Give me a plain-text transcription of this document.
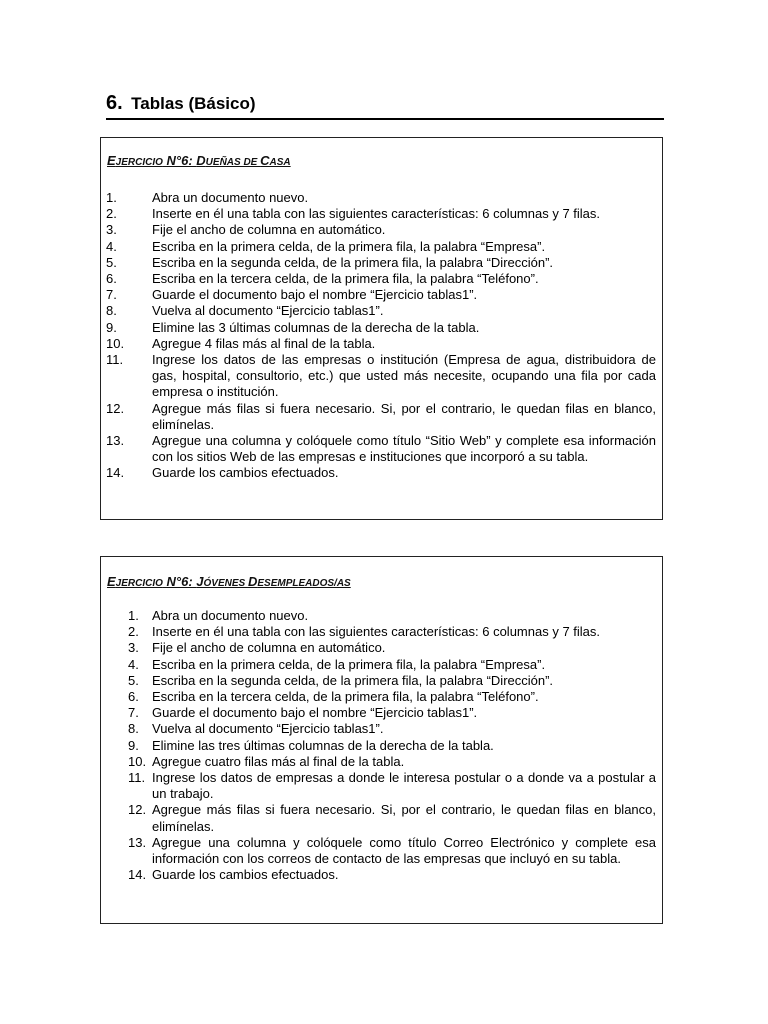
6. Tablas (Básico)
EJERCICIO N°6: DUEÑAS DE CASA
1.	Abra un documento nuevo.
2.	Inserte en él una tabla con las siguientes características: 6 columnas y 7 filas.
3.	Fije el ancho de columna en automático.
4.	Escriba en la primera celda, de la primera fila, la palabra “Empresa”.
5.	Escriba en la segunda celda, de la primera fila, la palabra “Dirección”.
6.	Escriba en la tercera celda, de la primera fila, la palabra “Teléfono”.
7.	Guarde el documento bajo el nombre “Ejercicio tablas1”.
8.	Vuelva al documento “Ejercicio tablas1”.
9.	Elimine las 3 últimas columnas de la derecha de la tabla.
10. Agregue 4 filas más al final de la tabla.
11. Ingrese los datos de las empresas o institución (Empresa de agua, distribuidora de gas, hospital, consultorio, etc.) que usted más necesite, ocupando una fila por cada empresa o institución.
12. Agregue más filas si fuera necesario. Si, por el contrario, le quedan filas en blanco, elimínelas.
13. Agregue una columna y colóquele como título “Sitio Web” y complete esa información con los sitios Web de las empresas e instituciones que incorporó a su tabla.
14. Guarde los cambios efectuados.
EJERCICIO N°6: JÓVENES DESEMPLEADOS/AS
1. Abra un documento nuevo.
2. Inserte en él una tabla con las siguientes características: 6 columnas y 7 filas.
3. Fije el ancho de columna en automático.
4. Escriba en la primera celda, de la primera fila, la palabra “Empresa”.
5. Escriba en la segunda celda, de la primera fila, la palabra “Dirección”.
6. Escriba en la tercera celda, de la primera fila, la palabra “Teléfono”.
7. Guarde el documento bajo el nombre “Ejercicio tablas1”.
8. Vuelva al documento “Ejercicio tablas1”.
9. Elimine las tres últimas columnas de la derecha de la tabla.
10. Agregue cuatro filas más al final de la tabla.
11. Ingrese los datos de empresas a donde le interesa postular o a donde va a postular a un trabajo.
12. Agregue más filas si fuera necesario. Si, por el contrario, le quedan filas en blanco, elimínelas.
13. Agregue una columna y colóquele como título Correo Electrónico y complete esa información con los correos de contacto de las empresas que incluyó en su tabla.
14. Guarde los cambios efectuados.
